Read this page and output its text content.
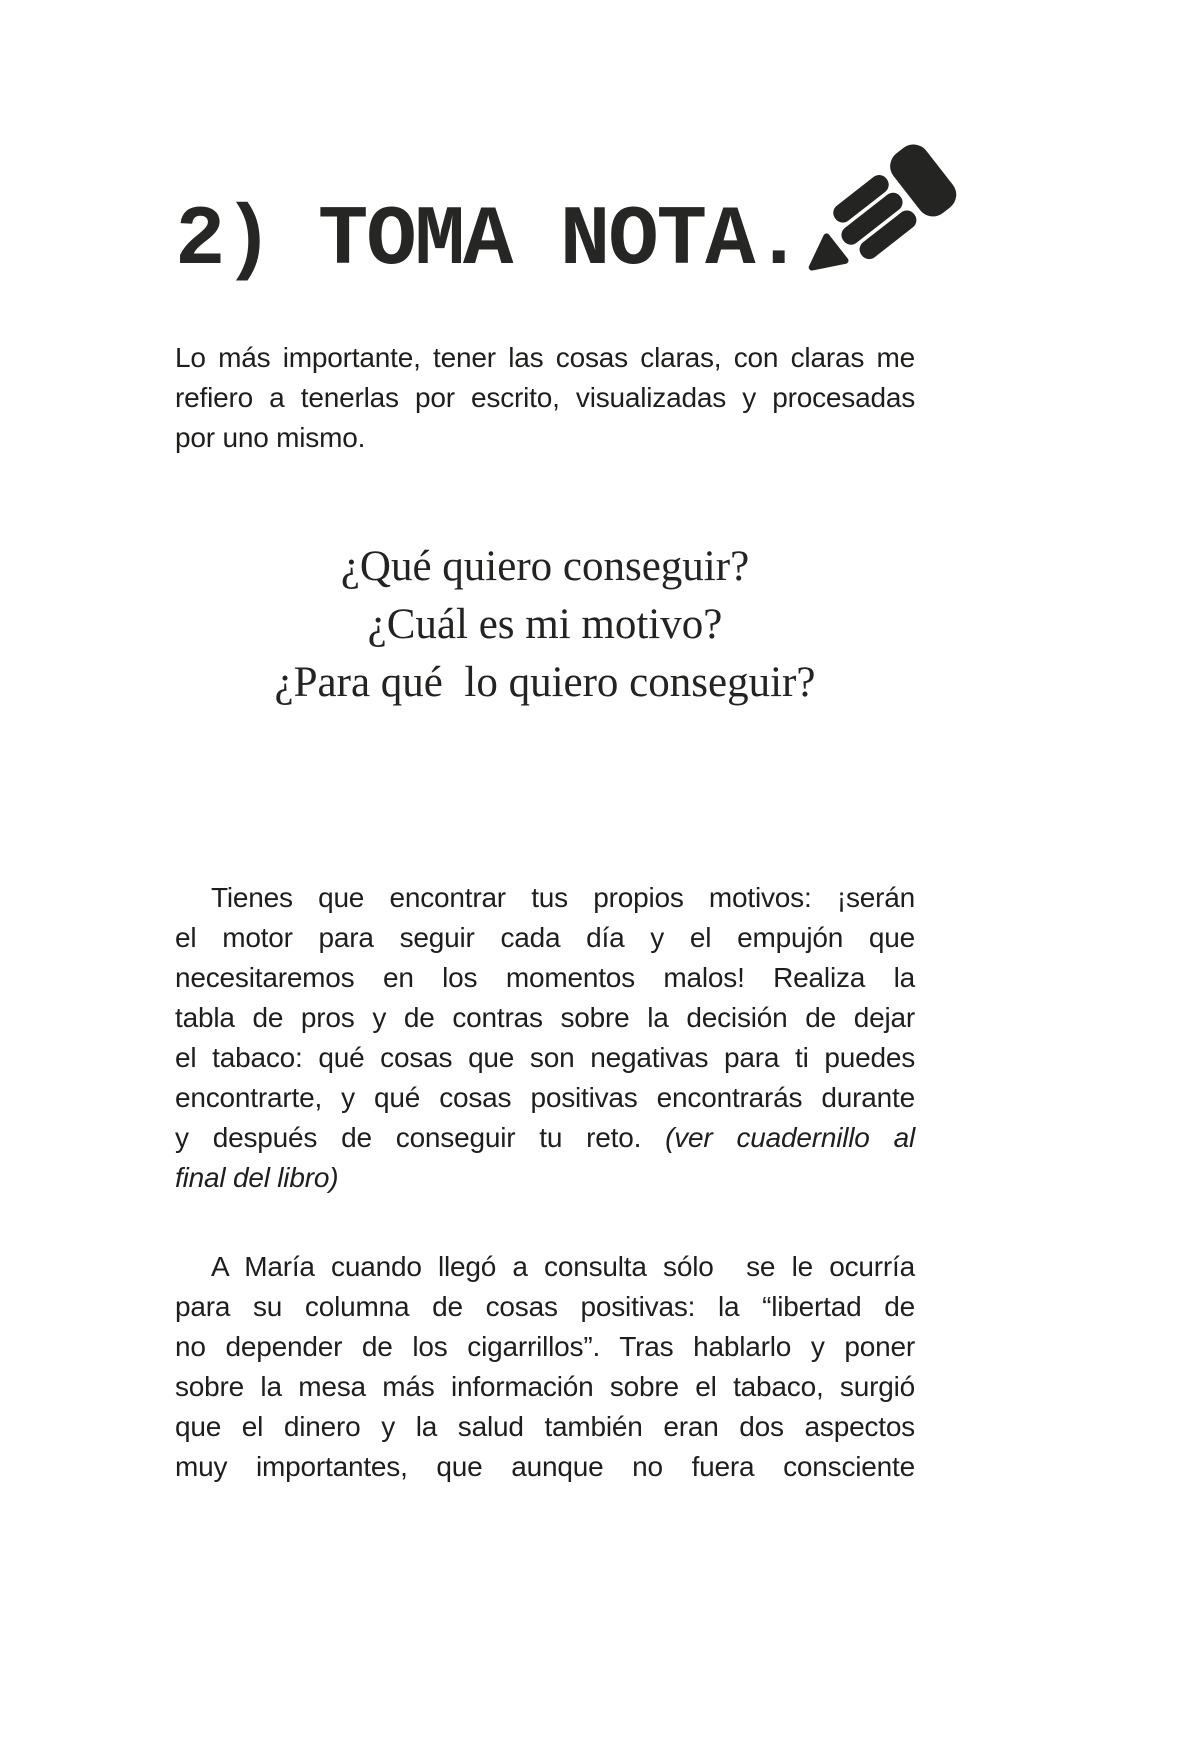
2) TOMA NOTA.
Lo más importante, tener las cosas claras, con claras me
refiero a tenerlas por escrito, visualizadas y procesadas
por uno mismo.
¿Qué quiero conseguir?
¿Cuál es mi motivo?
¿Para qué  lo quiero conseguir?
Tienes que encontrar tus propios motivos: ¡serán
el motor para seguir cada día y el empujón que
necesitaremos en los momentos malos! Realiza la
tabla de pros y de contras sobre la decisión de dejar
el tabaco: qué cosas que son negativas para ti puedes
encontrarte, y qué cosas positivas encontrarás durante
y después de conseguir tu reto. (ver cuadernillo al
final del libro)
A María cuando llegó a consulta sólo  se le ocurría
para su columna de cosas positivas: la “libertad de
no depender de los cigarrillos”. Tras hablarlo y poner
sobre la mesa más información sobre el tabaco, surgió
que el dinero y la salud también eran dos aspectos
muy importantes, que aunque no fuera consciente
